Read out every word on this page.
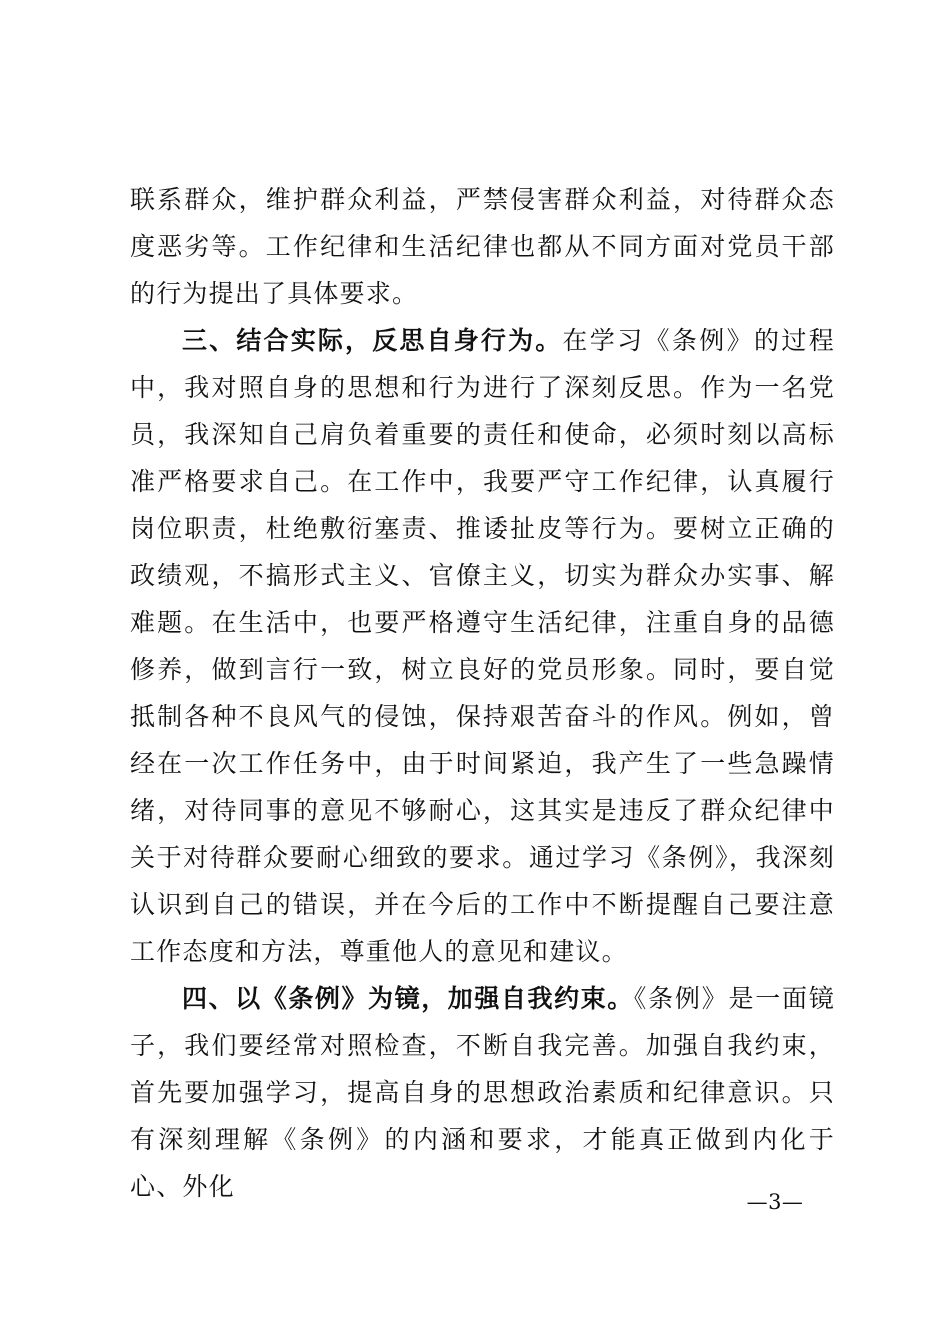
联系群众，维护群众利益，严禁侵害群众利益，对待群众态度恶劣等。工作纪律和生活纪律也都从不同方面对党员干部的行为提出了具体要求。

三、结合实际，反思自身行为。在学习《条例》的过程中，我对照自身的思想和行为进行了深刻反思。作为一名党员，我深知自己肩负着重要的责任和使命，必须时刻以高标准严格要求自己。在工作中，我要严守工作纪律，认真履行岗位职责，杜绝敷衍塞责、推诿扯皮等行为。要树立正确的政绩观，不搞形式主义、官僚主义，切实为群众办实事、解难题。在生活中，也要严格遵守生活纪律，注重自身的品德修养，做到言行一致，树立良好的党员形象。同时，要自觉抵制各种不良风气的侵蚀，保持艰苦奋斗的作风。例如，曾经在一次工作任务中，由于时间紧迫，我产生了一些急躁情绪，对待同事的意见不够耐心，这其实是违反了群众纪律中关于对待群众要耐心细致的要求。通过学习《条例》，我深刻认识到自己的错误，并在今后的工作中不断提醒自己要注意工作态度和方法，尊重他人的意见和建议。

四、以《条例》为镜，加强自我约束。《条例》是一面镜子，我们要经常对照检查，不断自我完善。加强自我约束，首先要加强学习，提高自身的思想政治素质和纪律意识。只有深刻理解《条例》的内涵和要求，才能真正做到内化于心、外化

—3—
